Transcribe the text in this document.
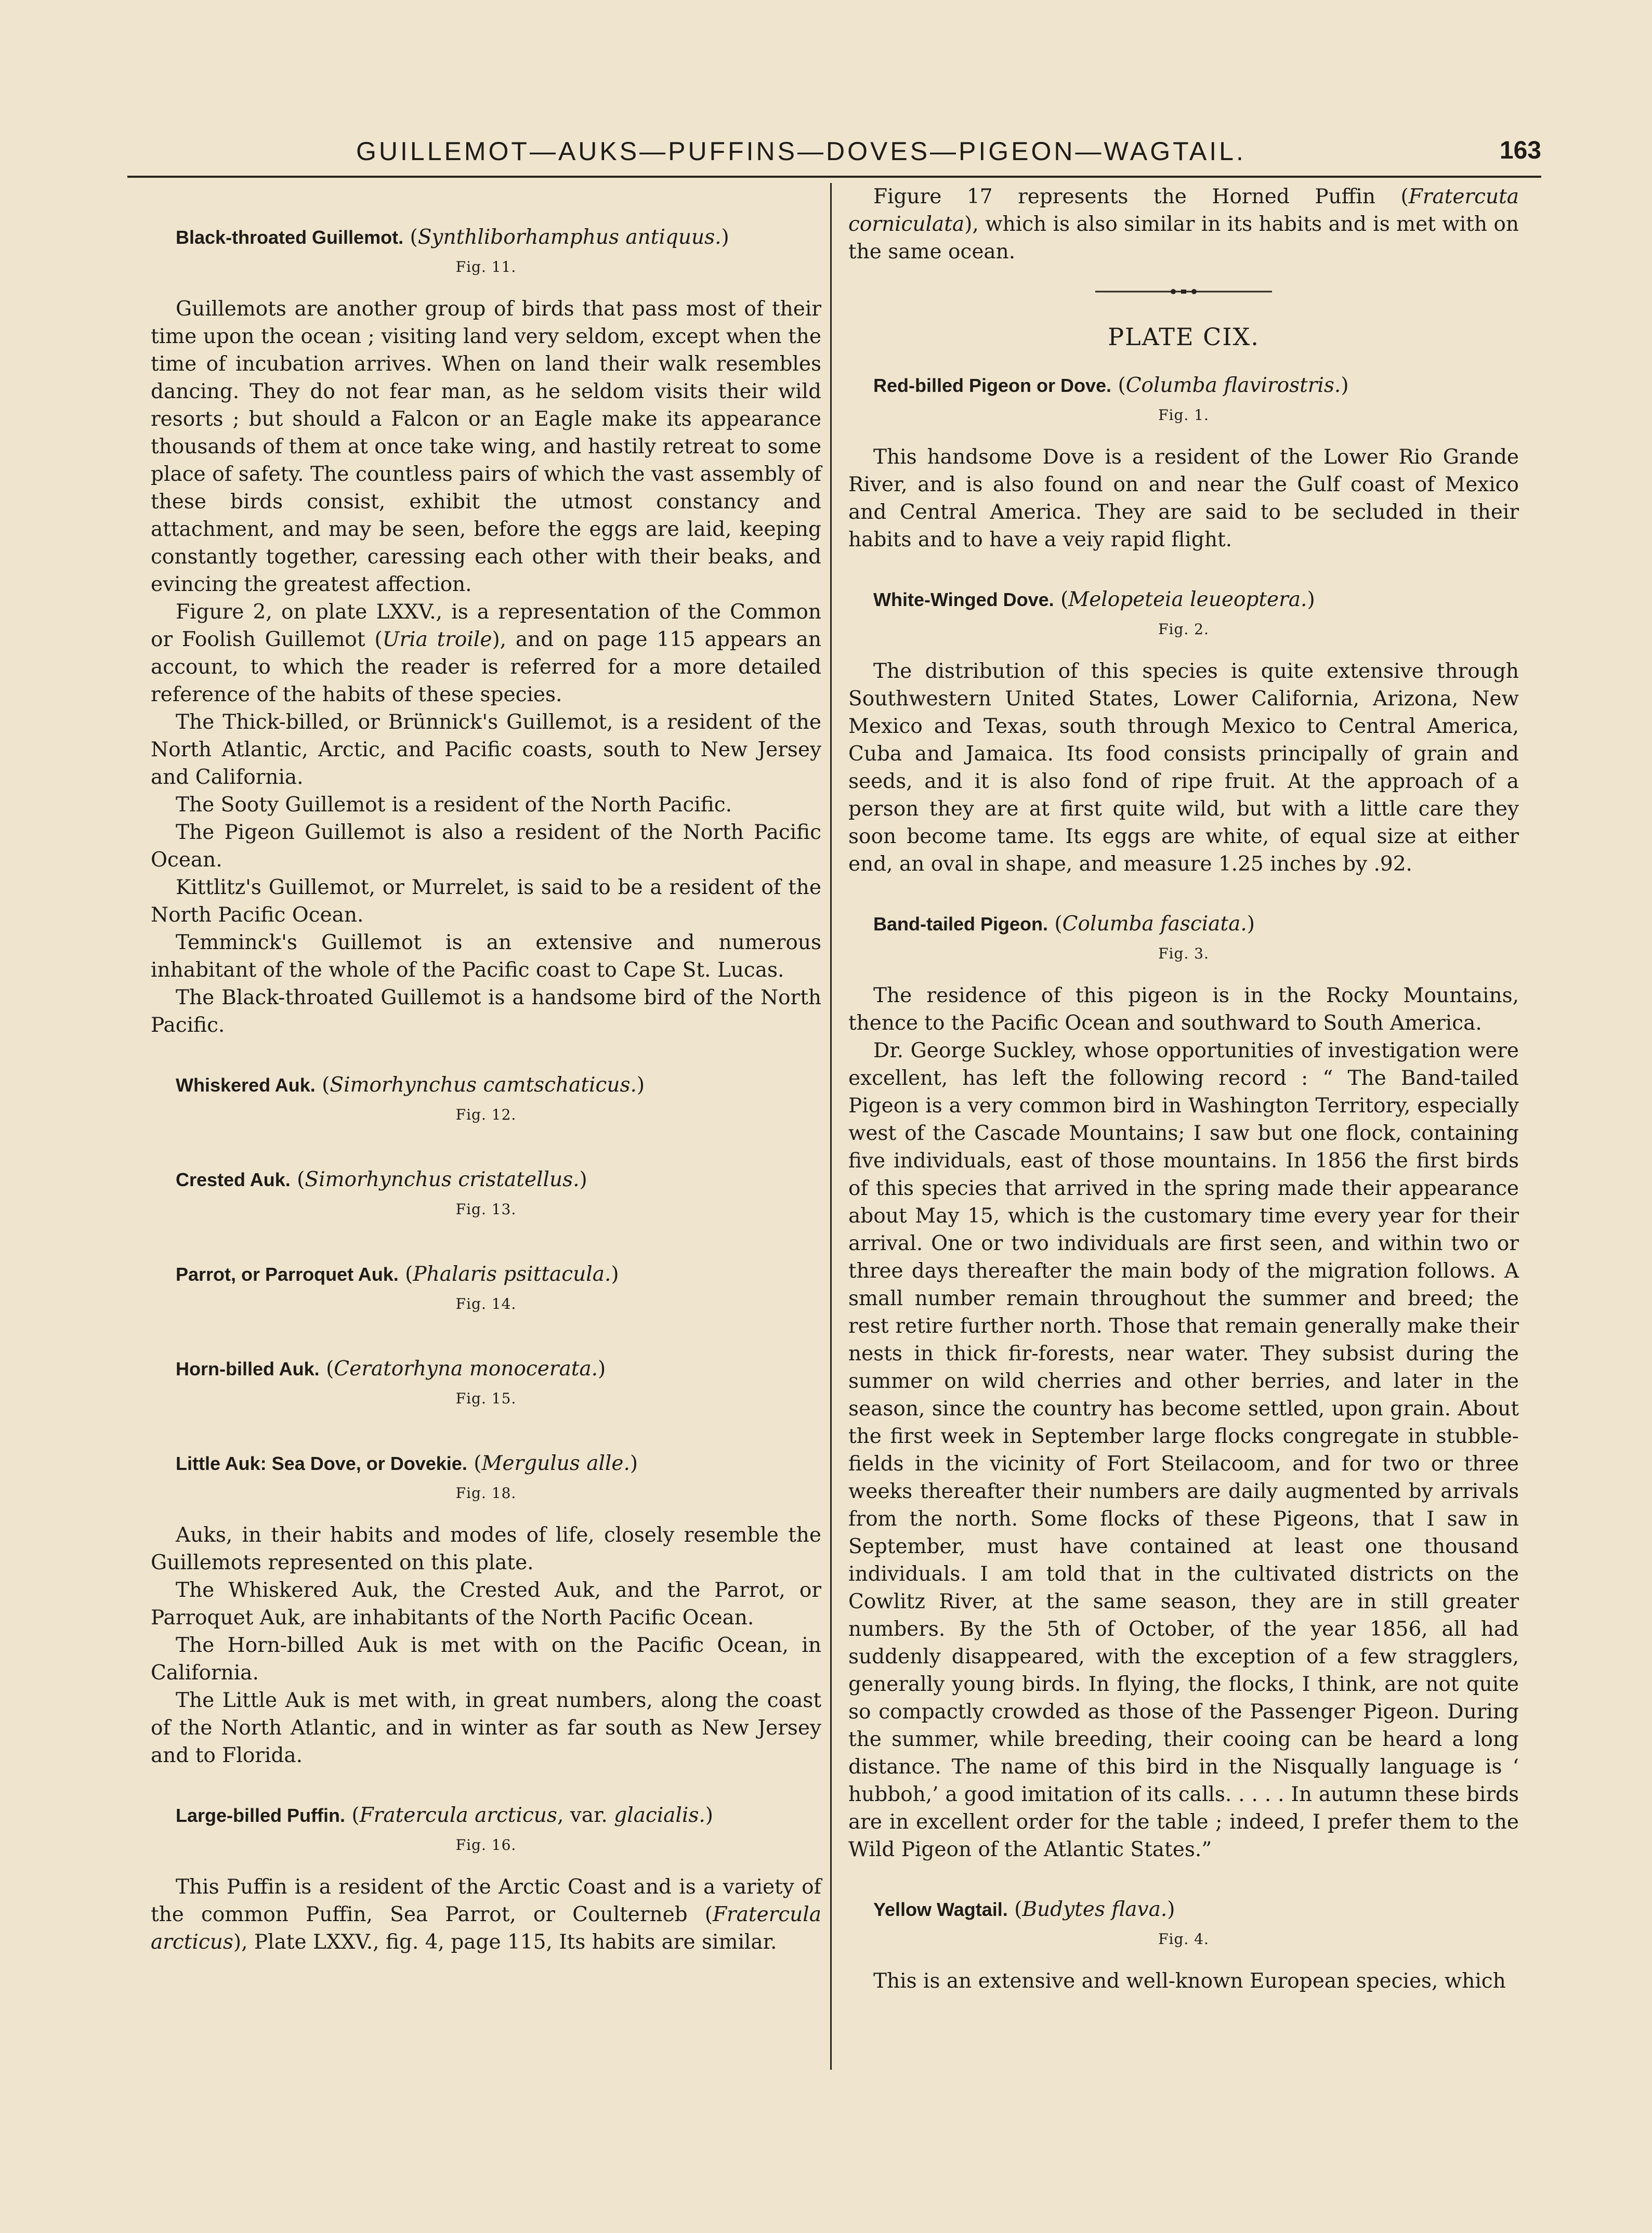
GUILLEMOT—AUKS—PUFFINS—DOVES—PIGEON—WAGTAIL.	163

Black-throated Guillemot. (Synthliborhamphus antiquus.)

Fig. 11.

Guillemots are another group of birds that pass most of their time upon the ocean ; visiting land very seldom, except when the time of incubation arrives. When on land their walk resembles dancing. They do not fear man, as he seldom visits their wild resorts ; but should a Falcon or an Eagle make its appearance thousands of them at once take wing, and hastily retreat to some place of safety. The countless pairs of which the vast assembly of these birds consist, exhibit the utmost constancy and attachment, and may be seen, before the eggs are laid, keeping constantly together, caressing each other with their beaks, and evincing the greatest affection.

Figure 2, on plate LXXV., is a representation of the Common or Foolish Guillemot (Uria troile), and on page 115 appears an account, to which the reader is referred for a more detailed reference of the habits of these species.

The Thick-billed, or Brünnick's Guillemot, is a resident of the North Atlantic, Arctic, and Pacific coasts, south to New Jersey and California.

The Sooty Guillemot is a resident of the North Pacific.

The Pigeon Guillemot is also a resident of the North Pacific Ocean.

Kittlitz's Guillemot, or Murrelet, is said to be a resident of the North Pacific Ocean.

Temminck's Guillemot is an extensive and numerous inhabitant of the whole of the Pacific coast to Cape St. Lucas.

The Black-throated Guillemot is a handsome bird of the North Pacific.

Whiskered Auk. (Simorhynchus camtschaticus.)

Fig. 12.

Crested Auk. (Simorhynchus cristatellus.)

Fig. 13.

Parrot, or Parroquet Auk. (Phalaris psittacula.)

Fig. 14.

Horn-billed Auk. (Ceratorhyna monocerata.)

Fig. 15.

Little Auk: Sea Dove, or Dovekie. (Mergulus alle.)

Fig. 18.

Auks, in their habits and modes of life, closely resemble the Guillemots represented on this plate.

The Whiskered Auk, the Crested Auk, and the Parrot, or Parroquet Auk, are inhabitants of the North Pacific Ocean.

The Horn-billed Auk is met with on the Pacific Ocean, in California.

The Little Auk is met with, in great numbers, along the coast of the North Atlantic, and in winter as far south as New Jersey and to Florida.

Large-billed Puffin. (Fratercula arcticus, var. glacialis.)

Fig. 16.

This Puffin is a resident of the Arctic Coast and is a variety of the common Puffin, Sea Parrot, or Coulterneb (Fratercula arcticus), Plate LXXV., fig. 4, page 115, Its habits are similar.

Figure 17 represents the Horned Puffin (Fratercuta corniculata), which is also similar in its habits and is met with on the same ocean.

PLATE CIX.

Red-billed Pigeon or Dove. (Columba flavirostris.)

Fig. 1.

This handsome Dove is a resident of the Lower Rio Grande River, and is also found on and near the Gulf coast of Mexico and Central America. They are said to be secluded in their habits and to have a veiy rapid flight.

White-Winged Dove. (Melopeteia leueoptera.)

Fig. 2.

The distribution of this species is quite extensive through Southwestern United States, Lower California, Arizona, New Mexico and Texas, south through Mexico to Central America, Cuba and Jamaica. Its food consists principally of grain and seeds, and it is also fond of ripe fruit. At the approach of a person they are at first quite wild, but with a little care they soon become tame. Its eggs are white, of equal size at either end, an oval in shape, and measure 1.25 inches by .92.

Band-tailed Pigeon. (Columba fasciata.)

Fig. 3.

The residence of this pigeon is in the Rocky Mountains, thence to the Pacific Ocean and southward to South America.

Dr. George Suckley, whose opportunities of investigation were excellent, has left the following record : “ The Band-tailed Pigeon is a very common bird in Washington Territory, especially west of the Cascade Mountains; I saw but one flock, containing five individuals, east of those mountains. In 1856 the first birds of this species that arrived in the spring made their appearance about May 15, which is the customary time every year for their arrival. One or two individuals are first seen, and within two or three days thereafter the main body of the migration follows. A small number remain throughout the summer and breed; the rest retire further north. Those that remain generally make their nests in thick fir-forests, near water. They subsist during the summer on wild cherries and other berries, and later in the season, since the country has become settled, upon grain. About the first week in September large flocks congregate in stubble-fields in the vicinity of Fort Steilacoom, and for two or three weeks thereafter their numbers are daily augmented by arrivals from the north. Some flocks of these Pigeons, that I saw in September, must have contained at least one thousand individuals. I am told that in the cultivated districts on the Cowlitz River, at the same season, they are in still greater numbers. By the 5th of October, of the year 1856, all had suddenly disappeared, with the exception of a few stragglers, generally young birds. In flying, the flocks, I think, are not quite so compactly crowded as those of the Passenger Pigeon. During the summer, while breeding, their cooing can be heard a long distance. The name of this bird in the Nisqually language is ‘ hubboh,’ a good imitation of its calls. . . . . In autumn these birds are in excellent order for the table ; indeed, I prefer them to the Wild Pigeon of the Atlantic States.”

Yellow Wagtail. (Budytes flava.)

Fig. 4.

This is an extensive and well-known European species, which
